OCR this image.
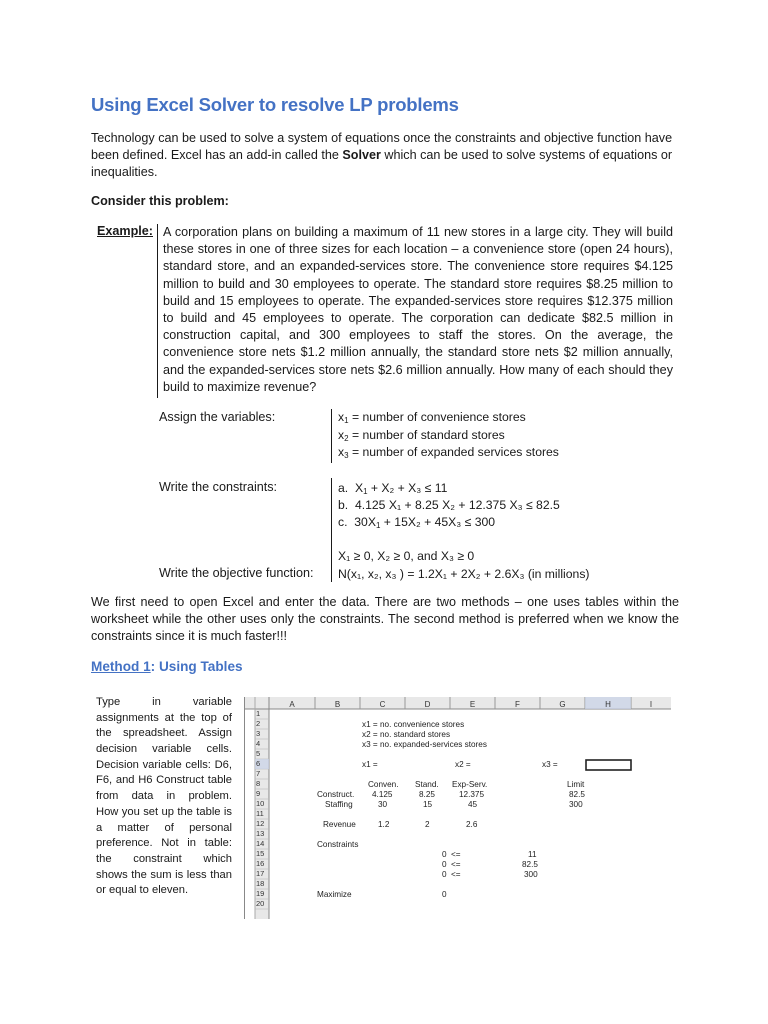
Using Excel Solver to resolve LP problems
Technology can be used to solve a system of equations once the constraints and objective function have been defined. Excel has an add-in called the Solver which can be used to solve systems of equations or inequalities.
Consider this problem:
Example: A corporation plans on building a maximum of 11 new stores in a large city. They will build these stores in one of three sizes for each location – a convenience store (open 24 hours), standard store, and an expanded-services store. The convenience store requires $4.125 million to build and 30 employees to operate. The standard store requires $8.25 million to build and 15 employees to operate. The expanded-services store requires $12.375 million to build and 45 employees to operate. The corporation can dedicate $82.5 million in construction capital, and 300 employees to staff the stores. On the average, the convenience store nets $1.2 million annually, the standard store nets $2 million annually, and the expanded-services store nets $2.6 million annually. How many of each should they build to maximize revenue?
Assign the variables:	$x_1$ = number of convenience stores
$x_2$ = number of standard stores
$x_3$ = number of expanded services stores
Write the constraints:	a.  $X_1 + X_2 + X_3 \le 11$
b.  4.125 X₁ + 8.25 X₂ + 12.375 X₃ ≤ 82.5
c.  $30X_1 + 15X_2 + 45X_3 \le 300$
X₁ ≥ 0, X₂ ≥ 0, and X₃ ≥ 0
Write the objective function: N(x₁, x₂, x₃ ) = 1.2X₁ + 2X₂ + 2.6X₃ (in millions)
We first need to open Excel and enter the data. There are two methods – one uses tables within the worksheet while the other uses only the constraints. The second method is preferred when we know the constraints since it is much faster!!!
Method 1: Using Tables
Type in variable
assignments at the top of
the spreadsheet. Assign
decision variable cells.
Decision variable cells: D6,
F6, and H6 Construct table
from data in problem.
How you set up the table is
a matter of personal
preference. Not in table:
the constraint which
shows the sum is less than
or equal to eleven.
A	B	C	D	E	F	G	H	I
1
2
3
4
5
6
7
8
9
10
11
12
13
14
15
16
17
18
19
20
x1 = no. convenience stores
x2 = no. standard stores
x3 = no. expanded-services stores
x1 =	x2 =	x3 =
Conven. Stand. Exp-Serv.	Limit
Construct. 4.125	8.25	12.375	82.5
Staffing	30	15	45	300
Revenue	1.2	2	2.6
Constraints
0 <=	11
0 <=	82.5
0 <=	300
Maximize	0
